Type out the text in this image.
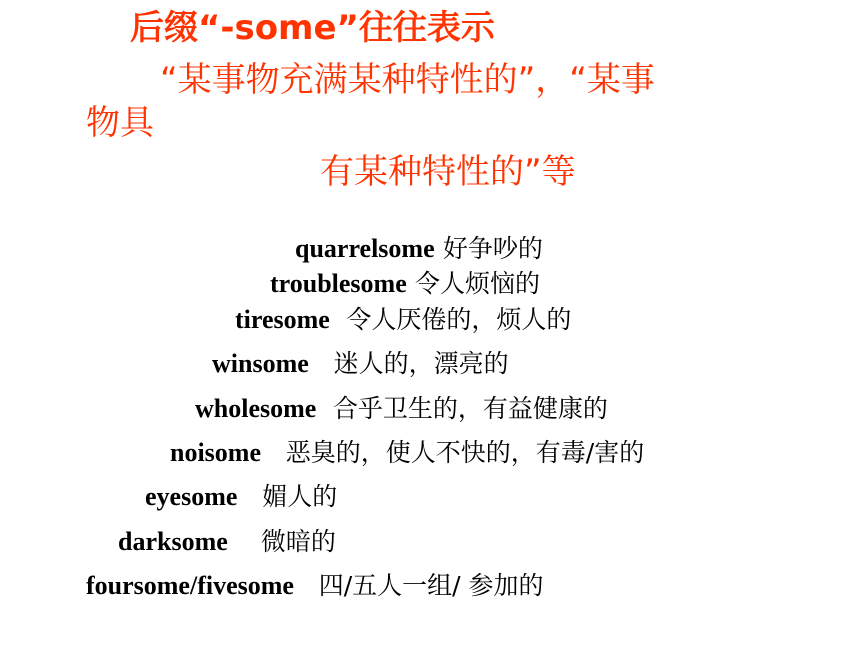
后缀“-some”往往表示
“某事物充满某种特性的”，“某事
物具
有某种特性的”等
quarrelsome 好争吵的
troublesome 令人烦恼的
tiresome 令人厌倦的，烦人的
winsome 迷人的，漂亮的
wholesome 合乎卫生的，有益健康的
noisome 恶臭的，使人不快的，有毒/害的
eyesome 媚人的
darksome 微暗的
foursome/fivesome 四/五人一组/ 参加的
